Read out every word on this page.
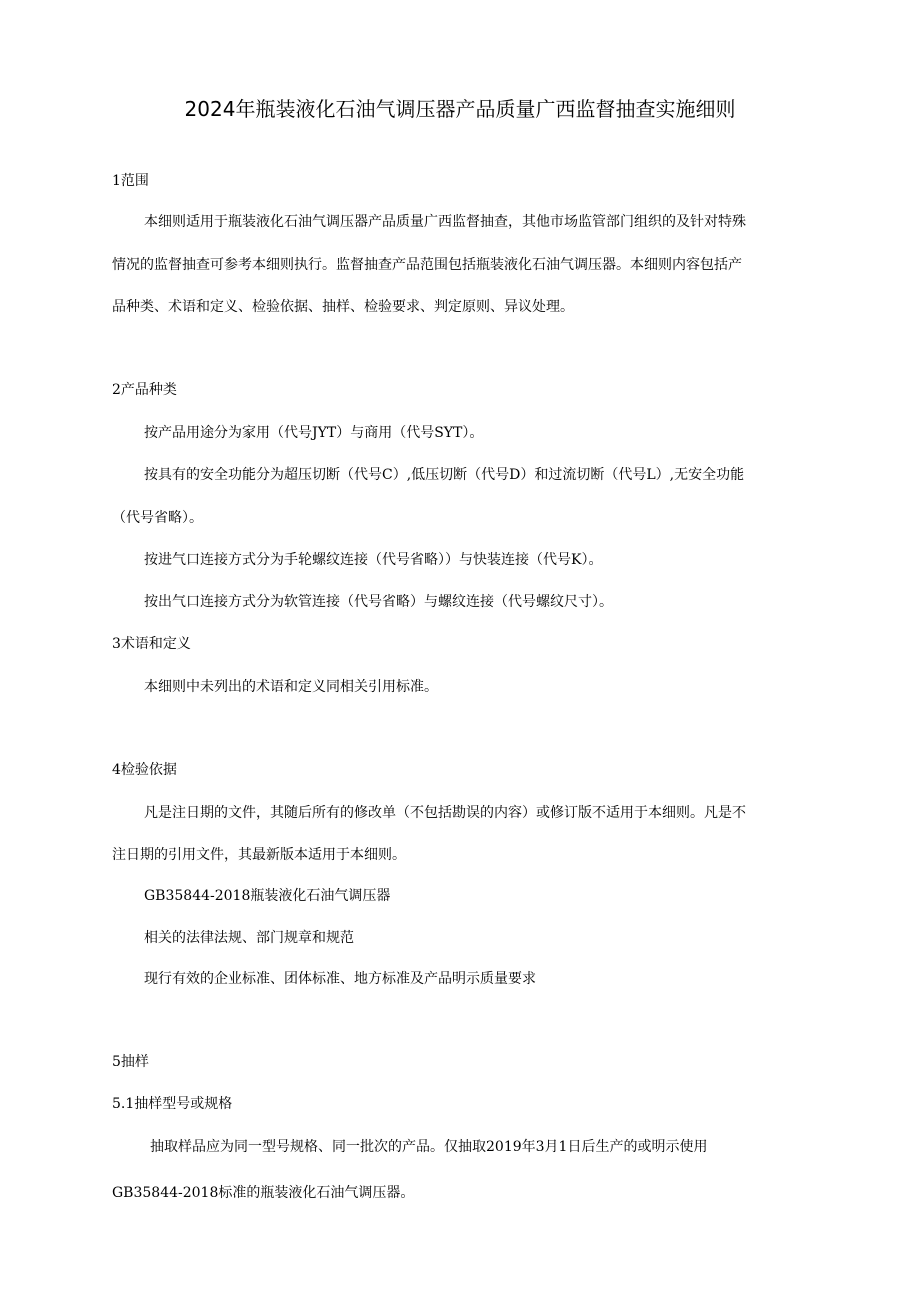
2024年瓶装液化石油气调压器产品质量广西监督抽查实施细则
1范围
本细则适用于瓶装液化石油气调压器产品质量广西监督抽查，其他市场监管部门组织的及针对特殊
情况的监督抽查可参考本细则执行。监督抽查产品范围包括瓶装液化石油气调压器。本细则内容包括产
品种类、术语和定义、检验依据、抽样、检验要求、判定原则、异议处理。
2产品种类
按产品用途分为家用（代号JYT）与商用（代号SYT）。
按具有的安全功能分为超压切断（代号C）,低压切断（代号D）和过流切断（代号L）,无安全功能
（代号省略）。
按进气口连接方式分为手轮螺纹连接（代号省略））与快装连接（代号K）。
按出气口连接方式分为软管连接（代号省略）与螺纹连接（代号螺纹尺寸）。
3术语和定义
本细则中未列出的术语和定义同相关引用标准。
4检验依据
凡是注日期的文件，其随后所有的修改单（不包括勘误的内容）或修订版不适用于本细则。凡是不
注日期的引用文件，其最新版本适用于本细则。
GB35844-2018瓶装液化石油气调压器
相关的法律法规、部门规章和规范
现行有效的企业标准、团体标准、地方标准及产品明示质量要求
5抽样
5.1抽样型号或规格
抽取样品应为同一型号规格、同一批次的产品。仅抽取2019年3月1日后生产的或明示使用
GB35844-2018标准的瓶装液化石油气调压器。
